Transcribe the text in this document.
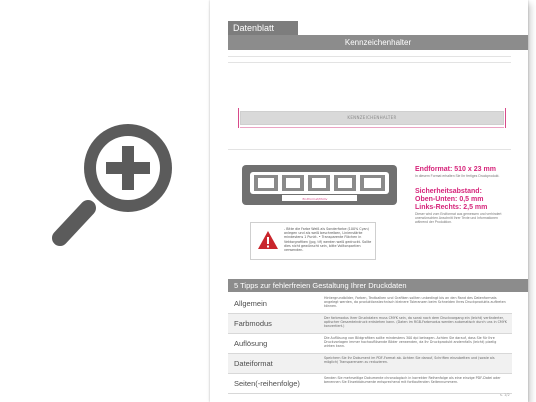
Datenblatt
Kennzeichenhalter
KENNZEICHENHALTER
Endformat/Motiv
Endformat: 510 x 23 mm
In diesem Format erhalten Sie Ihr fertiges Druckprodukt.
Sicherheitsabstand:
Oben-Unten: 0,5 mm
Links-Rechts: 2,5 mm
Dieser wird vom Endformat aus gemessen und verhindert unerwünschten Anschnitt Ihrer Texte und Informationen während der Produktion.
- Bitte die Farbe Weiß als Sonderfarbe (100% Cyan) anlegen und als weiß beschreiben, Linienstärke mindestens 1 Punkt. • Transparente Flächen in Vektorgrafiken (jpg, tif) werden weiß gedruckt. Sollte dies nicht gewünscht sein, bitte Volltonpartien verwenden.
5 Tipps zur fehlerfreien Gestaltung Ihrer Druckdaten
Allgemein
Hintergrundbilder, Farben, Textbalken und Grafiken sollten unbedingt bis an den Rand des Datenformats angelegt werden, da produktionstechnisch kleinere Toleranzen beim Schneiden Ihres Druckprodukts auftreten können.
Farbmodus
Der farbmodus Ihrer Druckdaten muss CMYK sein, da sonst nach dem Druckvorgang ein (leicht) veränderter, optischer Gesamteindruck entstehen kann. (Daten im RGB-Farbmodus werden automatisch durch uns in CMYK konvertiert.)
Auflösung
Die Auflösung von Bildgrafiken sollte mindestens 300 dpi betragen. Achten Sie darauf, dass Sie für Ihre Druckvorlagen immer hochauflösende Bilder verwenden, da Ihr Druckprodukt andernfalls (leicht) pixelig wirken kann.
Dateiformat
Speichern Sie Ihr Dokument im PDF-Format ab. Achten Sie darauf, Schriften einzubetten und (sowie als möglich) Transparenzen zu reduzieren.
Seiten(-reihenfolge)
Senden Sie mehrseitige Dokumente chronologisch in korrekter Reihenfolge als eine einzige PDF-Datei oder benennen Sie Einzeldokumente entsprechend mit fortlaufenden Seitennummern.
s. 1/2
